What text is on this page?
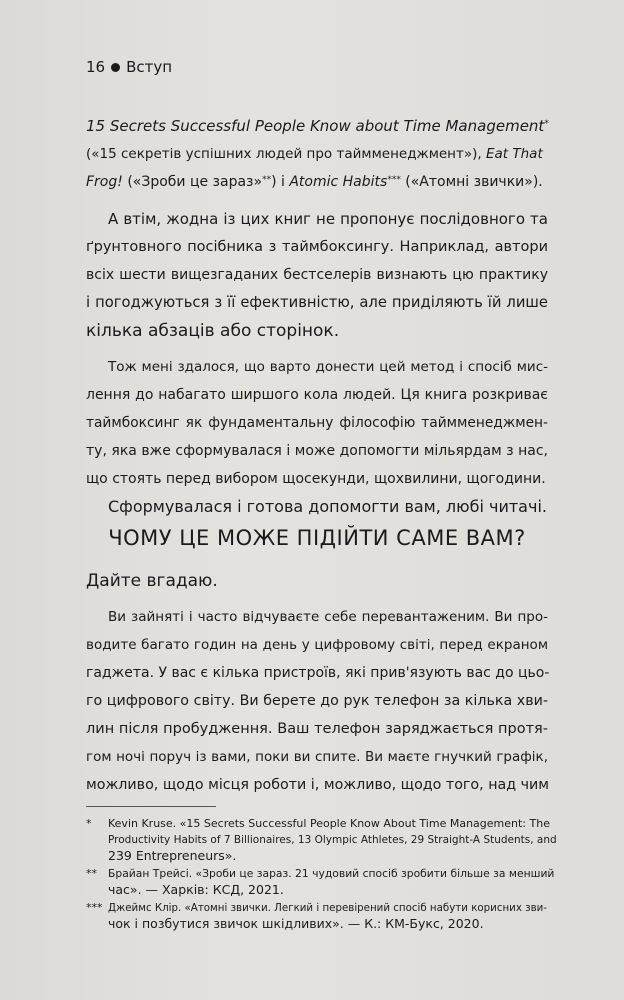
16 Вступ
15 Secrets Successful People Know about Time Management*
(«15 секретів успішних людей про таймменеджмент»), Eat That
Frog! («Зроби це зараз»**) і Atomic Habits*** («Атомні звички»).
А втім, жодна із цих книг не пропонує послідовного та
ґрунтовного посібника з таймбоксингу. Наприклад, автори
всіх шести вищезгаданих бестселерів визнають цю практику
і погоджуються з її ефективністю, але приділяють їй лише
кілька абзаців або сторінок.
Тож мені здалося, що варто донести цей метод і спосіб мис-
лення до набагато ширшого кола людей. Ця книга розкриває
таймбоксинг як фундаментальну філософію таймменеджмен-
ту, яка вже сформувалася і може допомогти мільярдам з нас,
що стоять перед вибором щосекунди, щохвилини, щогодини.
Сформувалася і готова допомогти вам, любі читачі.
ЧОМУ ЦЕ МОЖЕ ПІДІЙТИ САМЕ ВАМ?
Дайте вгадаю.
Ви зайняті і часто відчуваєте себе перевантаженим. Ви про-
водите багато годин на день у цифровому світі, перед екраном
гаджета. У вас є кілька пристроїв, які прив'язують вас до цьо-
го цифрового світу. Ви берете до рук телефон за кілька хви-
лин після пробудження. Ваш телефон заряджається протя-
гом ночі поруч із вами, поки ви спите. Ви маєте гнучкий графік,
можливо, щодо місця роботи і, можливо, щодо того, над чим
* Kevin Kruse. «15 Secrets Successful People Know About Time Management: The
Productivity Habits of 7 Billionaires, 13 Olympic Athletes, 29 Straight-A Students, and
239 Entrepreneurs».
** Брайан Трейсі. «Зроби це зараз. 21 чудовий спосіб зробити більше за менший
час». — Харків: КСД, 2021.
*** Джеймс Клір. «Атомні звички. Легкий і перевірений спосіб набути корисних зви-
чок і позбутися звичок шкідливих». — К.: КМ-Букс, 2020.
